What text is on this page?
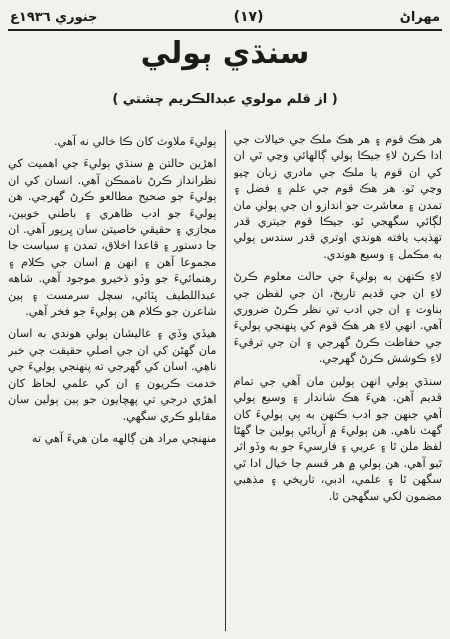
جنوري ١٩٣٦ع	(١٧)	مهراڻ
سنڌي ٻولي
( از قلم مولوي عبدالڪريم چشتي )

هر هڪ قوم ۽ هر هڪ ملڪ جي خيالات جي ادا ڪرڻ لاءِ جيڪا ٻولي ڳالهائي وڃي ٿي ان کي ان قوم يا ملڪ جي مادري زبان چيو وڃي ٿو. هر هڪ قوم جي علم ۽ فضل ۽ تمدن ۽ معاشرت جو اندازو ان جي ٻولي مان لڳائي سگهجي ٿو. جيڪا قوم جيتري قدر تهذيب يافته هوندي اوتري قدر سندس ٻولي به مڪمل ۽ وسيع هوندي.

لاءِ ڪنهن به ٻوليءَ جي حالت معلوم ڪرڻ لاءِ ان جي قديم تاريخ، ان جي لفظن جي بناوت ۽ ان جي ادب تي نظر ڪرڻ ضروري آهي. انهي لاءِ هر هڪ قوم کي پنهنجي ٻوليءَ جي حفاظت ڪرڻ گهرجي ۽ ان جي ترقيءَ لاءِ ڪوشش ڪرڻ گهرجي.

سنڌي ٻولي انهن ٻولين مان آهي جي تمام قديم آهن. هيءَ هڪ شاندار ۽ وسيع ٻولي آهي جنهن جو ادب ڪنهن به ٻي ٻوليءَ کان گهٽ ناهي. هن ٻوليءَ ۾ آريائي ٻولين جا گهڻا لفظ ملن ٿا ۽ عربي ۽ فارسيءَ جو به وڏو اثر ٿيو آهي. هن ٻولي ۾ هر قسم جا خيال ادا ٿي سگهن ٿا ۽ علمي، ادبي، تاريخي ۽ مذهبي مضمون لکي سگهجن ٿا.

ٻوليءَ ملاوٽ کان ڪا خالي نه آهي.

اهڙين حالتن ۾ سنڌي ٻوليءَ جي اهميت کي نظرانداز ڪرڻ ناممڪن آهي. انسان کي ان ٻوليءَ جو صحيح مطالعو ڪرڻ گهرجي. هن ٻوليءَ جو ادب ظاهري ۽ باطني خوبين، مجازي ۽ حقيقي خاصيتن سان ڀرپور آهي. ان جا دستور ۽ قاعدا اخلاق، تمدن ۽ سياست جا مجموعا آهن ۽ انهن ۾ اسان جي ڪلام ۽ رهنمائيءَ جو وڏو ذخيرو موجود آهي. شاهه عبداللطيف ڀٽائي، سچل سرمست ۽ ٻين شاعرن جو ڪلام هن ٻوليءَ جو فخر آهي.

هيڏي وڏي ۽ عاليشان ٻولي هوندي به اسان مان گهڻن کي ان جي اصلي حقيقت جي خبر ناهي. اسان کي گهرجي ته پنهنجي ٻوليءَ جي خدمت ڪريون ۽ ان کي علمي لحاظ کان اهڙي درجي تي پهچايون جو ٻين ٻولين سان مقابلو ڪري سگهي.

منهنجي مراد هن ڳالهه مان هيءَ آهي ته
